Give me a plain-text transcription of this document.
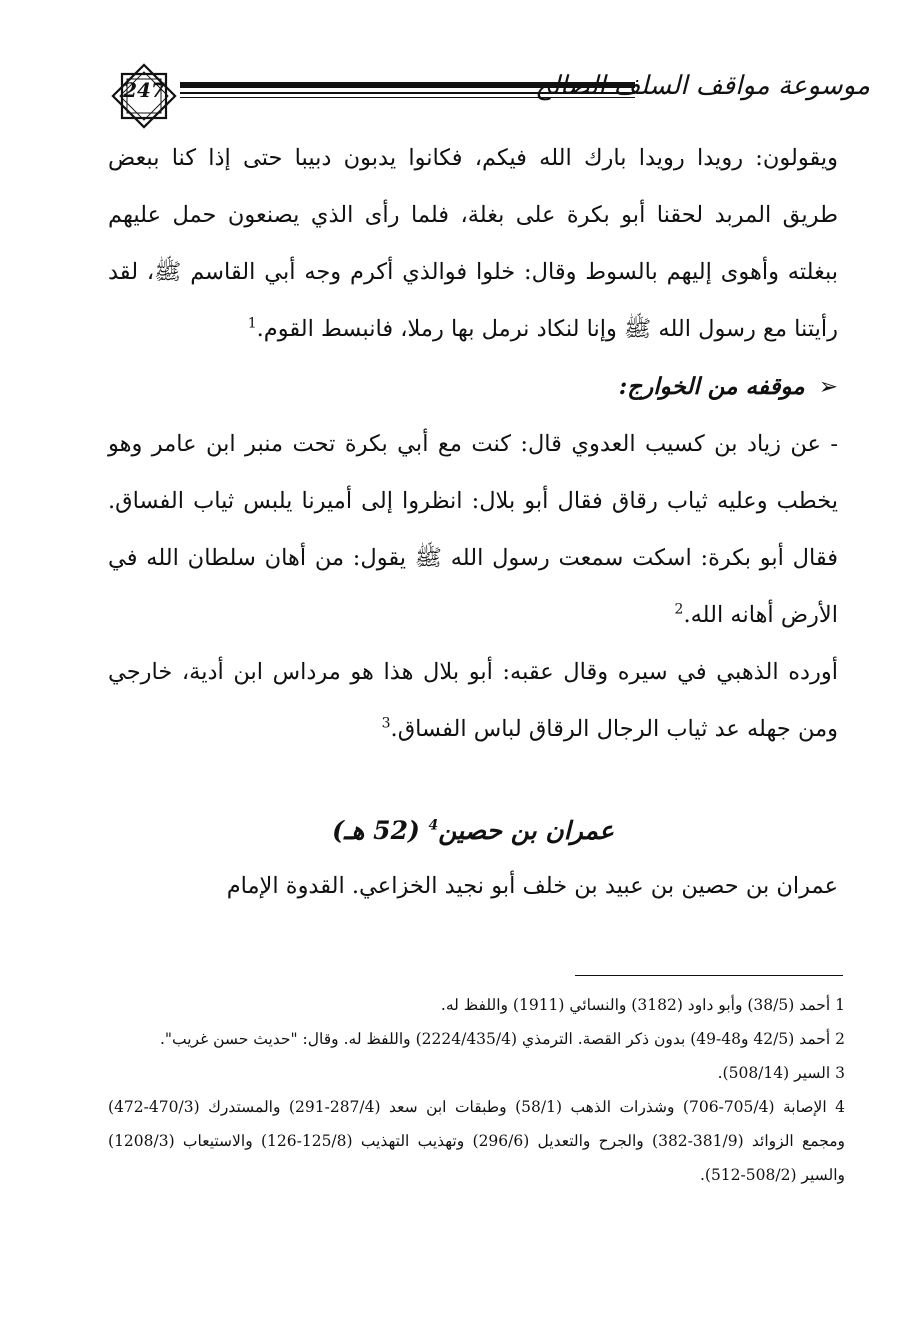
247	موسوعة مواقف السلف الصالح

ويقولون: رويدا رويدا بارك الله فيكم، فكانوا يدبون دبيبا حتى إذا كنا ببعض طريق المربد لحقنا أبو بكرة على بغلة، فلما رأى الذي يصنعون حمل عليهم ببغلته وأهوى إليهم بالسوط وقال: خلوا فوالذي أكرم وجه أبي القاسم ﷺ، لقد رأيتنا مع رسول الله ﷺ وإنا لنكاد نرمل بها رملا، فانبسط القوم.$^1$

➢موقفه من الخوارج:

- عن زياد بن كسيب العدوي قال: كنت مع أبي بكرة تحت منبر ابن عامر وهو يخطب وعليه ثياب رقاق فقال أبو بلال: انظروا إلى أميرنا يلبس ثياب الفساق. فقال أبو بكرة: اسكت سمعت رسول الله ﷺ يقول: من أهان سلطان الله في الأرض أهانه الله.$^2$

أورده الذهبي في سيره وقال عقبه: أبو بلال هذا هو مرداس ابن أدية، خارجي ومن جهله عد ثياب الرجال الرقاق لباس الفساق.$^3$

عمران بن حصين$^4$ (52 هـ)

عمران بن حصين بن عبيد بن خلف أبو نجيد الخزاعي. القدوة الإمام

1 أحمد (38/5) وأبو داود (3182) والنسائي (1911) واللفظ له.

2 أحمد (42/5 و48-49) بدون ذكر القصة. الترمذي (2224/435/4) واللفظ له. وقال: "حديث حسن غريب".

3 السير (508/14).

4 الإصابة (705/4-706) وشذرات الذهب (58/1) وطبقات ابن سعد (287/4-291) والمستدرك (470/3-472) ومجمع الزوائد (381/9-382) والجرح والتعديل (296/6) وتهذيب التهذيب (125/8-126) والاستيعاب (1208/3) والسير (508/2-512).
